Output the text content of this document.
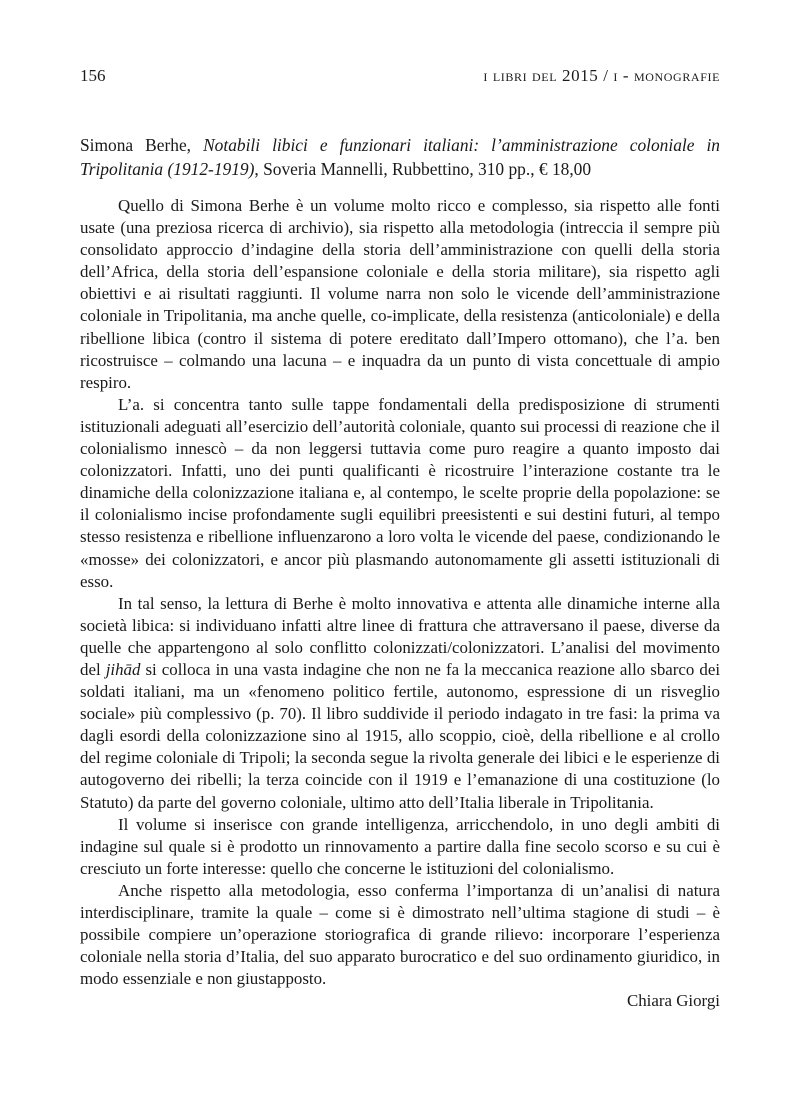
156	i libri del 2015 / i - monografie
Simona Berhe, Notabili libici e funzionari italiani: l’amministrazione coloniale in Tripolitania (1912-1919), Soveria Mannelli, Rubbettino, 310 pp., € 18,00

Quello di Simona Berhe è un volume molto ricco e complesso, sia rispetto alle fonti usate (una preziosa ricerca di archivio), sia rispetto alla metodologia (intreccia il sempre più consolidato approccio d’indagine della storia dell’amministrazione con quelli della storia dell’Africa, della storia dell’espansione coloniale e della storia militare), sia rispetto agli obiettivi e ai risultati raggiunti. Il volume narra non solo le vicende dell’amministrazione coloniale in Tripolitania, ma anche quelle, co-implicate, della resistenza (anticoloniale) e della ribellione libica (contro il sistema di potere ereditato dall’Impero ottomano), che l’a. ben ricostruisce – colmando una lacuna – e inquadra da un punto di vista concettuale di ampio respiro.

L’a. si concentra tanto sulle tappe fondamentali della predisposizione di strumenti istituzionali adeguati all’esercizio dell’autorità coloniale, quanto sui processi di reazione che il colonialismo innescò – da non leggersi tuttavia come puro reagire a quanto imposto dai colonizzatori. Infatti, uno dei punti qualificanti è ricostruire l’interazione costante tra le dinamiche della colonizzazione italiana e, al contempo, le scelte proprie della popolazione: se il colonialismo incise profondamente sugli equilibri preesistenti e sui destini futuri, al tempo stesso resistenza e ribellione influenzarono a loro volta le vicende del paese, condizionando le «mosse» dei colonizzatori, e ancor più plasmando autonomamente gli assetti istituzionali di esso.

In tal senso, la lettura di Berhe è molto innovativa e attenta alle dinamiche interne alla società libica: si individuano infatti altre linee di frattura che attraversano il paese, diverse da quelle che appartengono al solo conflitto colonizzati/colonizzatori. L’analisi del movimento del jihād si colloca in una vasta indagine che non ne fa la meccanica reazione allo sbarco dei soldati italiani, ma un «fenomeno politico fertile, autonomo, espressione di un risveglio sociale» più complessivo (p. 70). Il libro suddivide il periodo indagato in tre fasi: la prima va dagli esordi della colonizzazione sino al 1915, allo scoppio, cioè, della ribellione e al crollo del regime coloniale di Tripoli; la seconda segue la rivolta generale dei libici e le esperienze di autogoverno dei ribelli; la terza coincide con il 1919 e l’emanazione di una costituzione (lo Statuto) da parte del governo coloniale, ultimo atto dell’Italia liberale in Tripolitania.

Il volume si inserisce con grande intelligenza, arricchendolo, in uno degli ambiti di indagine sul quale si è prodotto un rinnovamento a partire dalla fine secolo scorso e su cui è cresciuto un forte interesse: quello che concerne le istituzioni del colonialismo.

Anche rispetto alla metodologia, esso conferma l’importanza di un’analisi di natura interdisciplinare, tramite la quale – come si è dimostrato nell’ultima stagione di studi – è possibile compiere un’operazione storiografica di grande rilievo: incorporare l’esperienza coloniale nella storia d’Italia, del suo apparato burocratico e del suo ordinamento giuridico, in modo essenziale e non giustapposto.

Chiara Giorgi
